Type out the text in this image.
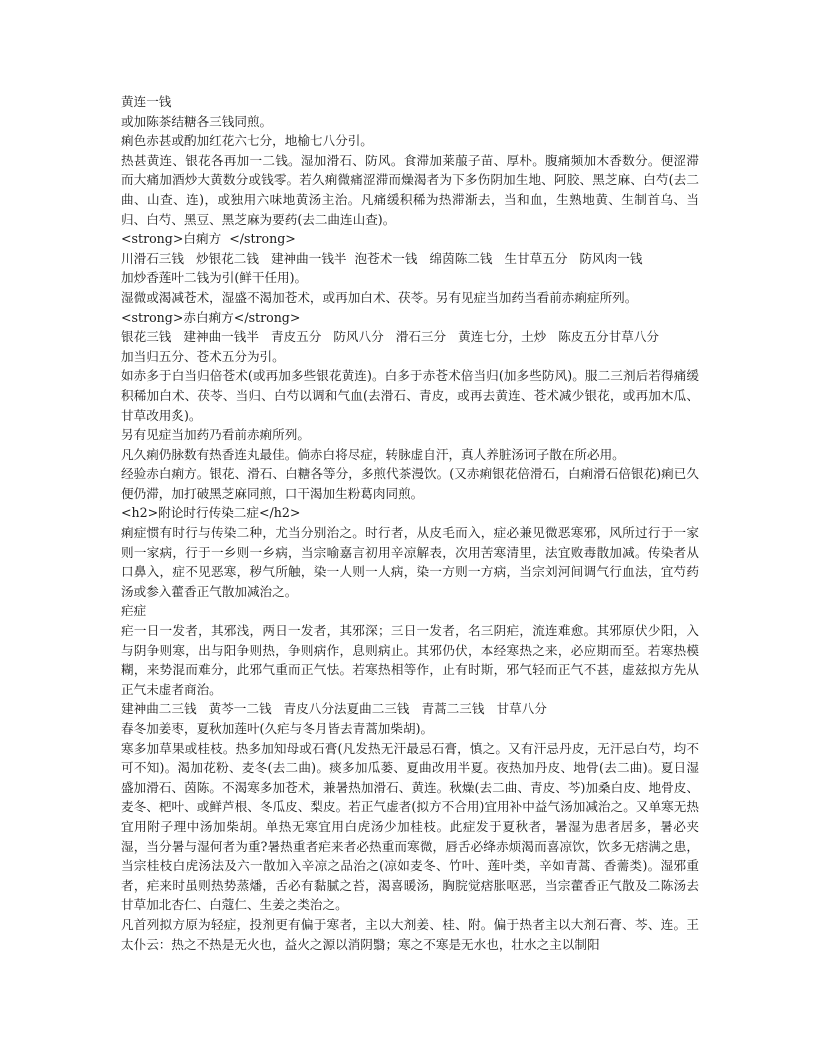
黄连一钱

或加陈茶结糖各三钱同煎。

痢色赤甚或酌加红花六七分，地榆七八分引。

热甚黄连、银花各再加一二钱。湿加滑石、防风。食滞加莱菔子苗、厚朴。腹痛频加木香数分。便涩滞而大痛加酒炒大黄数分或钱零。若久痢微痛涩滞而燥渴者为下多伤阴加生地、阿胶、黑芝麻、白芍(去二曲、山查、连)，或独用六味地黄汤主治。凡痛缓积稀为热滞渐去，当和血，生熟地黄、生制首乌、当归、白芍、黑豆、黑芝麻为要药(去二曲连山查)。

<strong>白痢方  </strong>

川滑石三钱   炒银花二钱   建神曲一钱半  泡苍术一钱   绵茵陈二钱   生甘草五分   防风肉一钱

加炒香莲叶二钱为引(鲜干任用)。

湿微或渴减苍术，湿盛不渴加苍术，或再加白术、茯苓。另有见症当加药当看前赤痢症所列。

<strong>赤白痢方</strong>

银花三钱   建神曲一钱半   青皮五分   防风八分   滑石三分   黄连七分，土炒   陈皮五分甘草八分

加当归五分、苍术五分为引。

如赤多于白当归倍苍术(或再加多些银花黄连)。白多于赤苍术倍当归(加多些防风)。服二三剂后若得痛缓积稀加白术、茯苓、当归、白芍以调和气血(去滑石、青皮，或再去黄连、苍术减少银花，或再加木瓜、甘草改用炙)。

另有见症当加药乃看前赤痢所列。

凡久痢仍脉数有热香连丸最佳。倘赤白将尽症，转脉虚自汗，真人养脏汤诃子散在所必用。

经验赤白痢方。银花、滑石、白糖各等分，多煎代茶漫饮。(又赤痢银花倍滑石，白痢滑石倍银花)痢已久便仍滞，加打破黑芝麻同煎，口干渴加生粉葛肉同煎。

<h2>附论时行传染二症</h2>

痢症惯有时行与传染二种，尤当分别治之。时行者，从皮毛而入，症必兼见微恶寒邪，风所过行于一家则一家病，行于一乡则一乡病，当宗喻嘉言初用辛凉解表，次用苦寒清里，法宜败毒散加减。传染者从口鼻入，症不见恶寒，秽气所触，染一人则一人病，染一方则一方病，当宗刘河间调气行血法，宜芍药汤或参入藿香正气散加减治之。

疟症

疟一日一发者，其邪浅，两日一发者，其邪深；三日一发者，名三阴疟，流连难愈。其邪原伏少阳，入与阴争则寒，出与阳争则热，争则病作，息则病止。其邪仍伏，本经寒热之来，必应期而至。若寒热模糊，来势混而难分，此邪气重而正气怯。若寒热相等作，止有时斯，邪气轻而正气不甚，虚兹拟方先从正气未虚者商治。

建神曲二三钱   黄芩一二钱   青皮八分法夏曲二三钱   青蒿二三钱   甘草八分

春冬加姜枣，夏秋加莲叶(久疟与冬月皆去青蒿加柴胡)。

寒多加草果或桂枝。热多加知母或石膏(凡发热无汗最忌石膏，慎之。又有汗忌丹皮，无汗忌白芍，均不可不知)。渴加花粉、麦冬(去二曲)。痰多加瓜蒌、夏曲改用半夏。夜热加丹皮、地骨(去二曲)。夏日湿盛加滑石、茵陈。不渴寒多加苍术，兼暑热加滑石、黄连。秋燥(去二曲、青皮、芩)加桑白皮、地骨皮、麦冬、杷叶、或鲜芦根、冬瓜皮、梨皮。若正气虚者(拟方不合用)宜用补中益气汤加减治之。又单寒无热宜用附子理中汤加柴胡。单热无寒宜用白虎汤少加桂枝。此症发于夏秋者，暑湿为患者居多，暑必夹湿，当分暑与湿何者为重?暑热重者疟来者必热重而寒微，唇舌必绛赤烦渴而喜凉饮，饮多无痞满之患，当宗桂枝白虎汤法及六一散加入辛凉之品治之(凉如麦冬、竹叶、莲叶类，辛如青蒿、香薷类)。湿邪重者，疟来时虽则热势蒸燔，舌必有黏腻之苔，渴喜暖汤，胸脘觉痞胀呕恶，当宗藿香正气散及二陈汤去甘草加北杏仁、白蔻仁、生姜之类治之。

凡首列拟方原为轻症，投剂更有偏于寒者，主以大剂姜、桂、附。偏于热者主以大剂石膏、芩、连。王太仆云：热之不热是无火也，益火之源以消阴翳；寒之不寒是无水也，壮水之主以制阳
